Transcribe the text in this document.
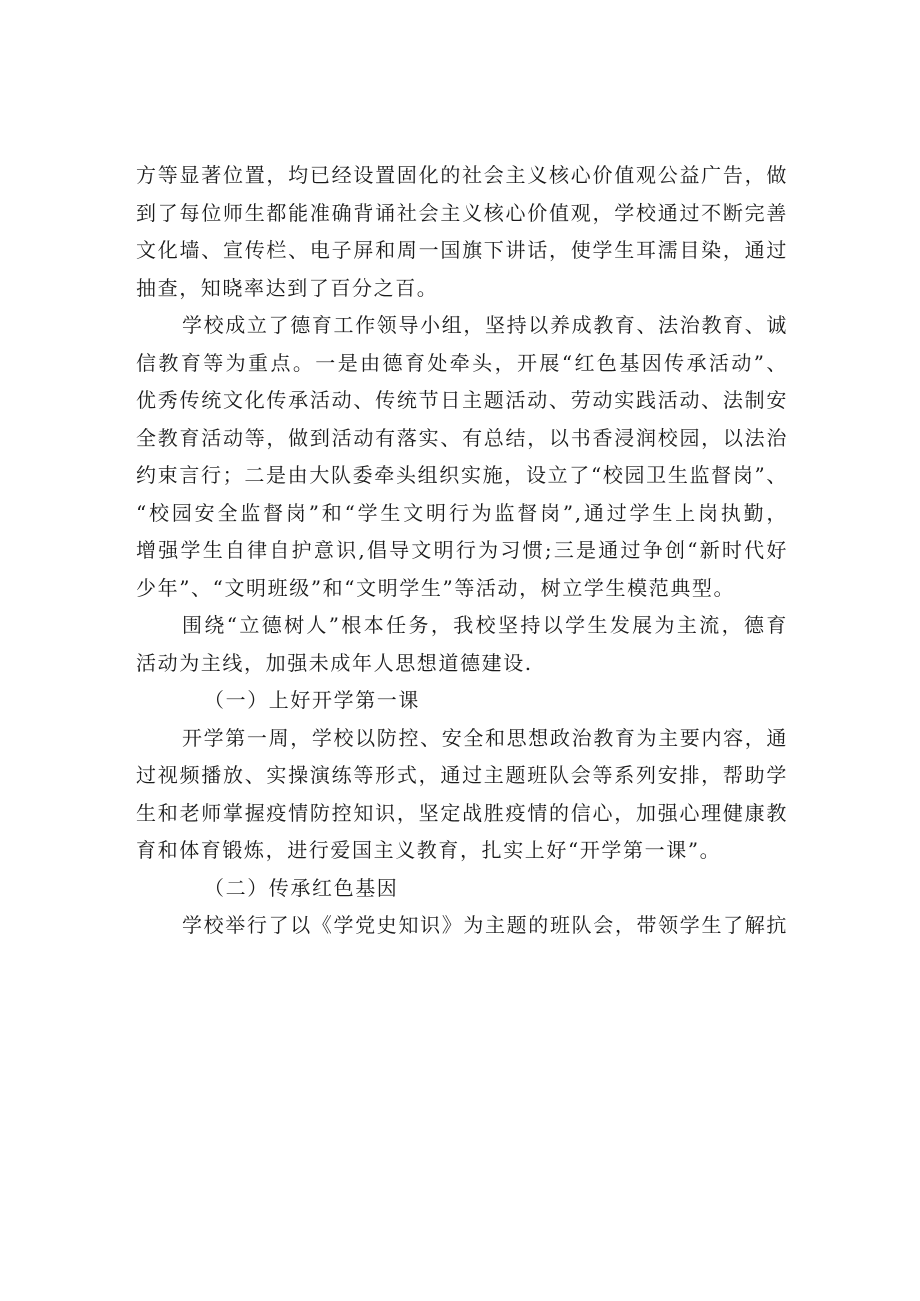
方等显著位置，均已经设置固化的社会主义核心价值观公益广告，做
到了每位师生都能准确背诵社会主义核心价值观，学校通过不断完善
文化墙、宣传栏、电子屏和周一国旗下讲话，使学生耳濡目染，通过
抽查，知晓率达到了百分之百。
学校成立了德育工作领导小组，坚持以养成教育、法治教育、诚
信教育等为重点。一是由德育处牵头，开展“红色基因传承活动”、
优秀传统文化传承活动、传统节日主题活动、劳动实践活动、法制安
全教育活动等，做到活动有落实、有总结，以书香浸润校园，以法治
约束言行；二是由大队委牵头组织实施，设立了“校园卫生监督岗”、
“校园安全监督岗”和“学生文明行为监督岗”,通过学生上岗执勤，
增强学生自律自护意识,倡导文明行为习惯;三是通过争创“新时代好
少年”、“文明班级”和“文明学生”等活动，树立学生模范典型。
围绕“立德树人”根本任务，我校坚持以学生发展为主流，德育
活动为主线，加强未成年人思想道德建设.
（一）上好开学第一课
开学第一周，学校以防控、安全和思想政治教育为主要内容，通
过视频播放、实操演练等形式，通过主题班队会等系列安排，帮助学
生和老师掌握疫情防控知识，坚定战胜疫情的信心，加强心理健康教
育和体育锻炼，进行爱国主义教育，扎实上好“开学第一课”。
（二）传承红色基因
学校举行了以《学党史知识》为主题的班队会，带领学生了解抗
